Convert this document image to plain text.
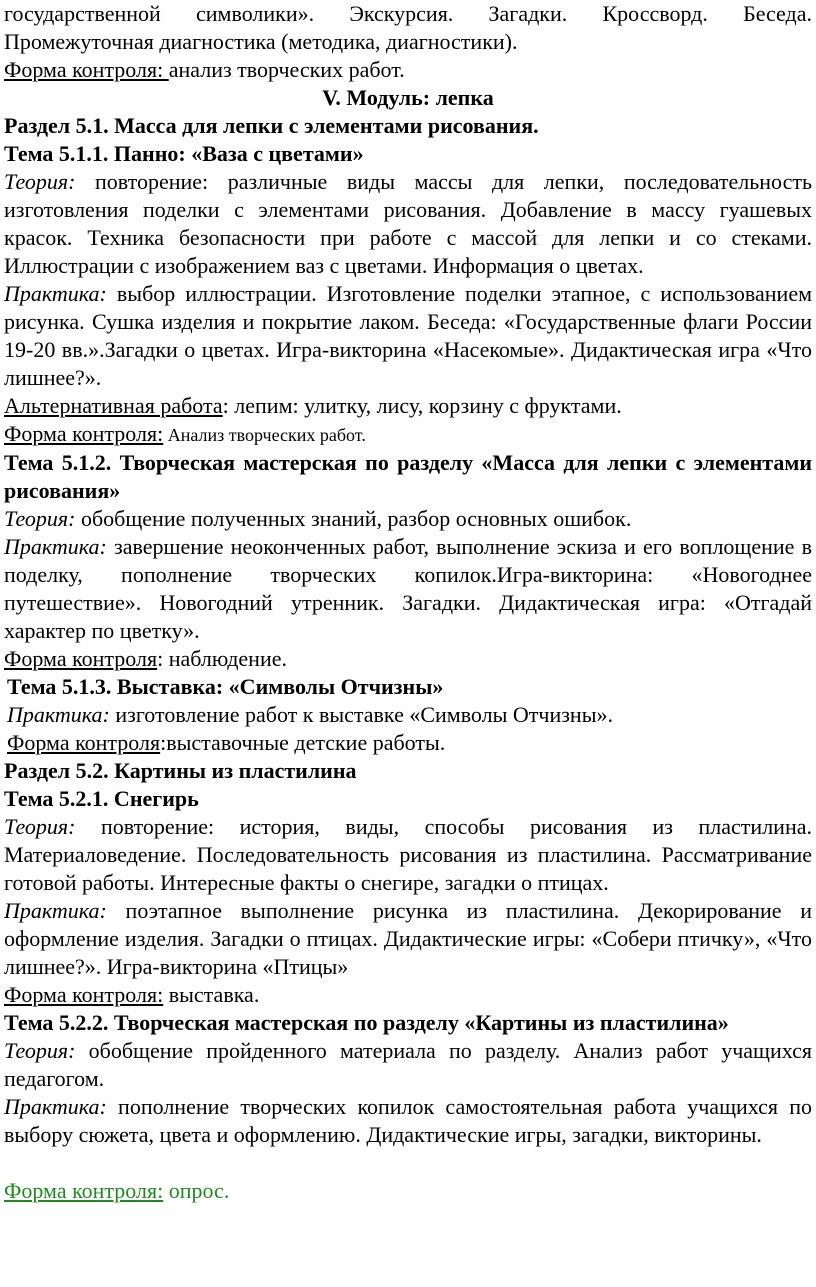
государственной символики». Экскурсия. Загадки. Кроссворд. Беседа. Промежуточная диагностика (методика, диагностики).

Форма контроля: анализ творческих работ.

V. Модуль: лепка

Раздел 5.1. Масса для лепки с элементами рисования.

Тема 5.1.1. Панно: «Ваза с цветами»

Теория: повторение: различные виды массы для лепки, последовательность изготовления поделки с элементами рисования. Добавление в массу гуашевых красок. Техника безопасности при работе с массой для лепки и со стеками. Иллюстрации с изображением ваз с цветами. Информация о цветах.

Практика: выбор иллюстрации. Изготовление поделки этапное, с использованием рисунка. Сушка изделия и покрытие лаком. Беседа: «Государственные флаги России 19-20 вв.».Загадки о цветах. Игра-викторина «Насекомые». Дидактическая игра «Что лишнее?».

Альтернативная работа: лепим: улитку, лису, корзину с фруктами.

Форма контроля: Анализ творческих работ.

Тема 5.1.2. Творческая мастерская по разделу «Масса для лепки с элементами рисования»

Теория: обобщение полученных знаний, разбор основных ошибок.

Практика: завершение неоконченных работ, выполнение эскиза и его воплощение в поделку, пополнение творческих копилок.Игра-викторина: «Новогоднее путешествие». Новогодний утренник. Загадки. Дидактическая игра: «Отгадай характер по цветку».

Форма контроля: наблюдение.

Тема 5.1.3. Выставка: «Символы Отчизны»

Практика: изготовление работ к выставке «Символы Отчизны».

Форма контроля:выставочные детские работы.

Раздел 5.2. Картины из пластилина

Тема 5.2.1. Снегирь

Теория: повторение: история, виды, способы рисования из пластилина. Материаловедение. Последовательность рисования из пластилина. Рассматривание готовой работы. Интересные факты о снегире, загадки о птицах.

Практика: поэтапное выполнение рисунка из пластилина. Декорирование и оформление изделия. Загадки о птицах. Дидактические игры: «Собери птичку», «Что лишнее?». Игра-викторина «Птицы»

Форма контроля: выставка.

Тема 5.2.2. Творческая мастерская по разделу «Картины из пластилина»

Теория: обобщение пройденного материала по разделу. Анализ работ учащихся педагогом.

Практика: пополнение творческих копилок самостоятельная работа учащихся по выбору сюжета, цвета и оформлению. Дидактические игры, загадки, викторины.

Форма контроля: опрос.
